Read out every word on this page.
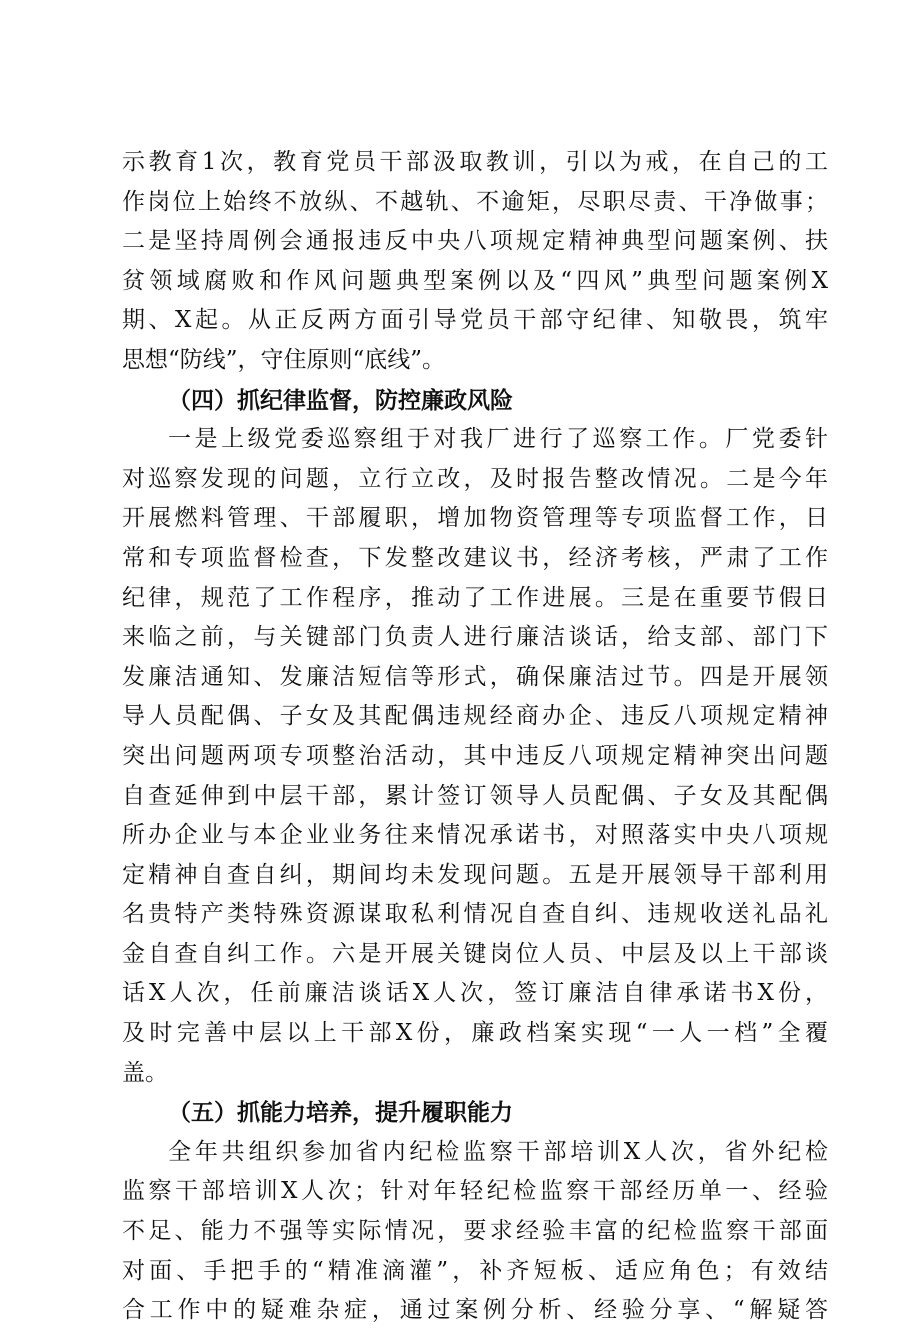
示教育1次，教育党员干部汲取教训，引以为戒，在自己的工
作岗位上始终不放纵、不越轨、不逾矩，尽职尽责、干净做事；
二是坚持周例会通报违反中央八项规定精神典型问题案例、扶
贫领域腐败和作风问题典型案例以及“四风”典型问题案例X
期、X起。从正反两方面引导党员干部守纪律、知敬畏，筑牢
思想“防线”，守住原则“底线”。
（四）抓纪律监督，防控廉政风险
一是上级党委巡察组于对我厂进行了巡察工作。厂党委针
对巡察发现的问题，立行立改，及时报告整改情况。二是今年
开展燃料管理、干部履职，增加物资管理等专项监督工作，日
常和专项监督检查，下发整改建议书，经济考核，严肃了工作
纪律，规范了工作程序，推动了工作进展。三是在重要节假日
来临之前，与关键部门负责人进行廉洁谈话，给支部、部门下
发廉洁通知、发廉洁短信等形式，确保廉洁过节。四是开展领
导人员配偶、子女及其配偶违规经商办企、违反八项规定精神
突出问题两项专项整治活动，其中违反八项规定精神突出问题
自查延伸到中层干部，累计签订领导人员配偶、子女及其配偶
所办企业与本企业业务往来情况承诺书，对照落实中央八项规
定精神自查自纠，期间均未发现问题。五是开展领导干部利用
名贵特产类特殊资源谋取私利情况自查自纠、违规收送礼品礼
金自查自纠工作。六是开展关键岗位人员、中层及以上干部谈
话X人次，任前廉洁谈话X人次，签订廉洁自律承诺书X份，
及时完善中层以上干部X份，廉政档案实现“一人一档”全覆
盖。
（五）抓能力培养，提升履职能力
全年共组织参加省内纪检监察干部培训X人次，省外纪检
监察干部培训X人次；针对年轻纪检监察干部经历单一、经验
不足、能力不强等实际情况，要求经验丰富的纪检监察干部面
对面、手把手的“精准滴灌”，补齐短板、适应角色；有效结
合工作中的疑难杂症，通过案例分析、经验分享、“解疑答
